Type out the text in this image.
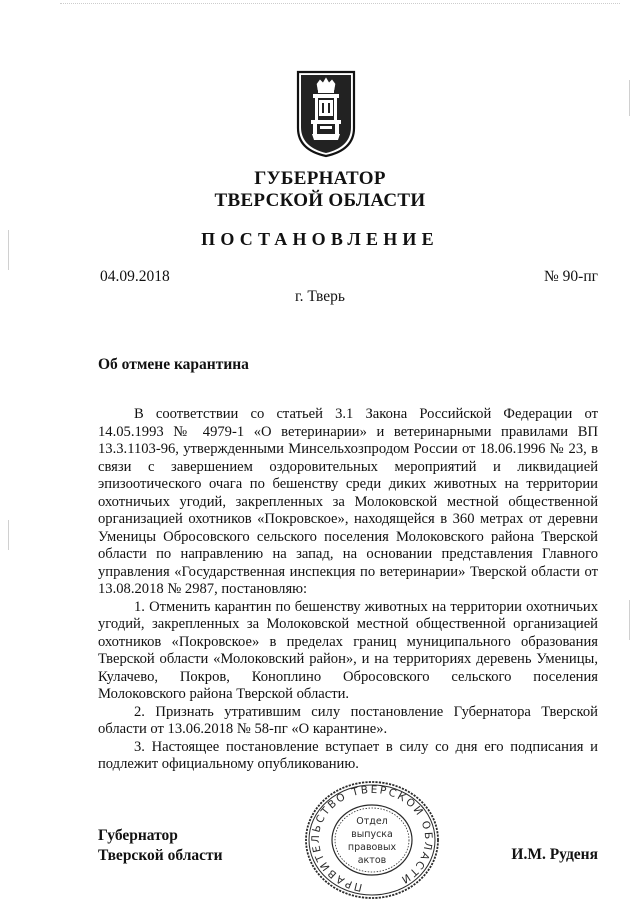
ГУБЕРНАТОР
ТВЕРСКОЙ ОБЛАСТИ
ПОСТАНОВЛЕНИЕ
04.09.2018	№ 90-пг
г. Тверь
Об отмене карантина

В соответствии со статьей 3.1 Закона Российской Федерации от 14.05.1993 № 4979-1 «О ветеринарии» и ветеринарными правилами ВП 13.3.1103-96, утвержденными Минсельхозпродом России от 18.06.1996 № 23, в связи с завершением оздоровительных мероприятий и ликвидацией эпизоотического очага по бешенству среди диких животных на территории охотничьих угодий, закрепленных за Молоковской местной общественной организацией охотников «Покровское», находящейся в 360 метрах от деревни Уменицы Обросовского сельского поселения Молоковского района Тверской области по направлению на запад, на основании представления Главного управления «Государственная инспекция по ветеринарии» Тверской области от 13.08.2018 № 2987, постановляю:

1. Отменить карантин по бешенству животных на территории охотничьих угодий, закрепленных за Молоковской местной общественной организацией охотников «Покровское» в пределах границ муниципального образования Тверской области «Молоковский район», и на территориях деревень Уменицы, Кулачево, Покров, Коноплино Обросовского сельского поселения Молоковского района Тверской области.

2. Признать утратившим силу постановление Губернатора Тверской области от 13.06.2018 № 58-пг «О карантине».

3. Настоящее постановление вступает в силу со дня его подписания и подлежит официальному опубликованию.

ПРАВИТЕЛЬСТВО ТВЕРСКОЙ ОБЛАСТИ
Отдел
выпуска
правовых
актов
Губернатор
Тверской области	И.М. Руденя
